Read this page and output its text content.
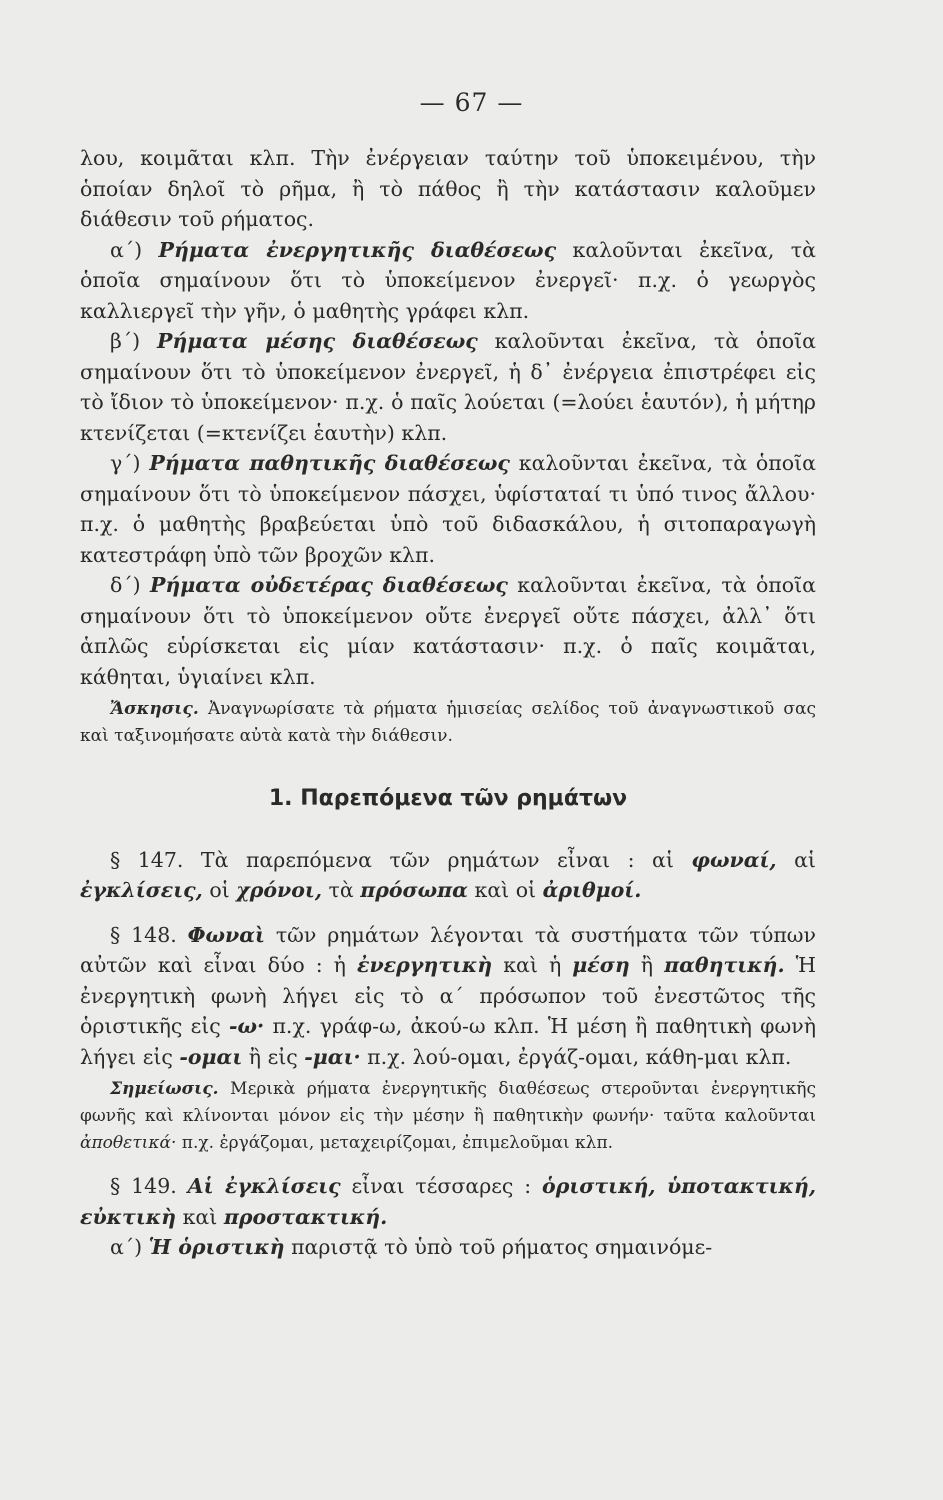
— 67 —

λου, κοιμᾶται κλπ. Τὴν ἐνέργειαν ταύτην τοῦ ὑποκειμένου, τὴν ὁποίαν δηλοῖ τὸ ρῆμα, ἢ τὸ πάθος ἢ τὴν κατάστασιν καλοῦμεν διάθεσιν τοῦ ρήματος.

α΄) Ρήματα ἐνεργητικῆς διαθέσεως καλοῦνται ἐκεῖνα, τὰ ὁποῖα σημαίνουν ὅτι τὸ ὑποκείμενον ἐνεργεῖ· π.χ. ὁ γεωργὸς καλλιεργεῖ τὴν γῆν, ὁ μαθητὴς γράφει κλπ.

β΄) Ρήματα μέσης διαθέσεως καλοῦνται ἐκεῖνα, τὰ ὁποῖα σημαίνουν ὅτι τὸ ὑποκείμενον ἐνεργεῖ, ἡ δ᾽ ἐνέργεια ἐπιστρέφει εἰς τὸ ἴδιον τὸ ὑποκείμενον· π.χ. ὁ παῖς λούεται (=λούει ἑαυτόν), ἡ μήτηρ κτενίζεται (=κτενίζει ἑαυτὴν) κλπ.

γ΄) Ρήματα παθητικῆς διαθέσεως καλοῦνται ἐκεῖνα, τὰ ὁποῖα σημαίνουν ὅτι τὸ ὑποκείμενον πάσχει, ὑφίσταταί τι ὑπό τινος ἄλλου· π.χ. ὁ μαθητὴς βραβεύεται ὑπὸ τοῦ διδασκάλου, ἡ σιτοπαραγωγὴ κατεστράφη ὑπὸ τῶν βροχῶν κλπ.

δ΄) Ρήματα οὐδετέρας διαθέσεως καλοῦνται ἐκεῖνα, τὰ ὁποῖα σημαίνουν ὅτι τὸ ὑποκείμενον οὔτε ἐνεργεῖ οὔτε πάσχει, ἀλλ᾽ ὅτι ἁπλῶς εὑρίσκεται εἰς μίαν κατάστασιν· π.χ. ὁ παῖς κοιμᾶται, κάθηται, ὑγιαίνει κλπ.

Ἄσκησις. Ἀναγνωρίσατε τὰ ρήματα ἡμισείας σελίδος τοῦ ἀναγνωστικοῦ σας καὶ ταξινομήσατε αὐτὰ κατὰ τὴν διάθεσιν.

1. Παρεπόμενα τῶν ρημάτων

§ 147. Τὰ παρεπόμενα τῶν ρημάτων εἶναι : αἱ φωναί, αἱ ἐγκλίσεις, οἱ χρόνοι, τὰ πρόσωπα καὶ οἱ ἀριθμοί.

§ 148. Φωναὶ τῶν ρημάτων λέγονται τὰ συστήματα τῶν τύπων αὐτῶν καὶ εἶναι δύο : ἡ ἐνεργητικὴ καὶ ἡ μέση ἢ παθητική. Ἡ ἐνεργητικὴ φωνὴ λήγει εἰς τὸ α΄ πρόσωπον τοῦ ἐνεστῶτος τῆς ὁριστικῆς εἰς -ω· π.χ. γράφ-ω, ἀκού-ω κλπ. Ἡ μέση ἢ παθητικὴ φωνὴ λήγει εἰς -ομαι ἢ εἰς -μαι· π.χ. λού-ομαι, ἐργάζ-ομαι, κάθη-μαι κλπ.

Σημείωσις. Μερικὰ ρήματα ἐνεργητικῆς διαθέσεως στεροῦνται ἐνεργητικῆς φωνῆς καὶ κλίνονται μόνον εἰς τὴν μέσην ἢ παθητικὴν φωνήν· ταῦτα καλοῦνται ἀποθετικά· π.χ. ἐργάζομαι, μεταχειρίζομαι, ἐπιμελοῦμαι κλπ.

§ 149. Αἱ ἐγκλίσεις εἶναι τέσσαρες : ὁριστική, ὑποτακτική, εὐκτικὴ καὶ προστακτική.

α΄) Ἡ ὁριστικὴ παριστᾷ τὸ ὑπὸ τοῦ ρήματος σημαινόμε-
